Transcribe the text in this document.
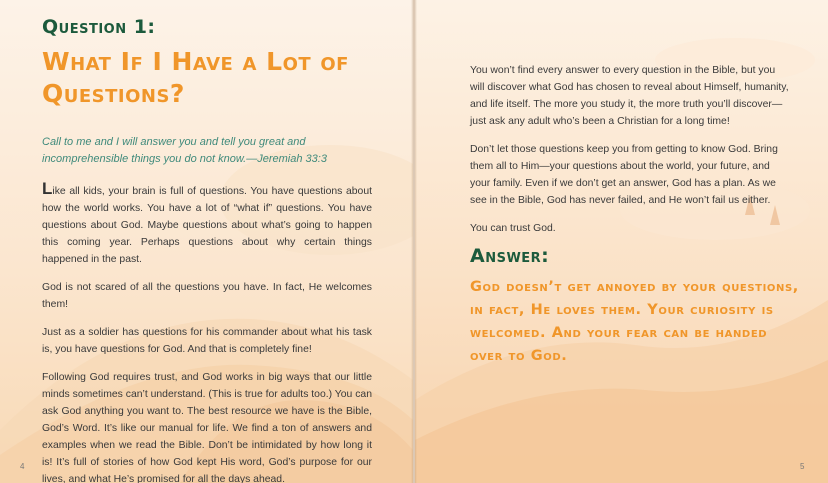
Question 1:
What If I Have a Lot of Questions?
Call to me and I will answer you and tell you great and incomprehensible things you do not know.—Jeremiah 33:3
4	5

Like all kids, your brain is full of questions. You have questions about how the world works. You have a lot of “what if” questions. You have questions about God. Maybe questions about what’s going to happen this coming year. Perhaps questions about why certain things happened in the past.

God is not scared of all the questions you have. In fact, He welcomes them!

Just as a soldier has questions for his commander about what his task is, you have questions for God. And that is completely fine!

Following God requires trust, and God works in big ways that our little minds sometimes can’t understand. (This is true for adults too.) You can ask God anything you want to. The best resource we have is the Bible, God’s Word. It’s like our manual for life. We find a ton of answers and examples when we read the Bible. Don’t be intimidated by how long it is! It’s full of stories of how God kept His word, God’s purpose for our lives, and what He’s promised for all the days ahead.

You won’t find every answer to every question in the Bible, but you will discover what God has chosen to reveal about Himself, humanity, and life itself. The more you study it, the more truth you’ll discover—just ask any adult who’s been a Christian for a long time!

Don’t let those questions keep you from getting to know God. Bring them all to Him—your questions about the world, your future, and your family. Even if we don’t get an answer, God has a plan. As we see in the Bible, God has never failed, and He won’t fail us either.

You can trust God.

Answer:
God doesn’t get annoyed by your questions, in fact, He loves them. Your curiosity is welcomed. And your fear can be handed over to God.
